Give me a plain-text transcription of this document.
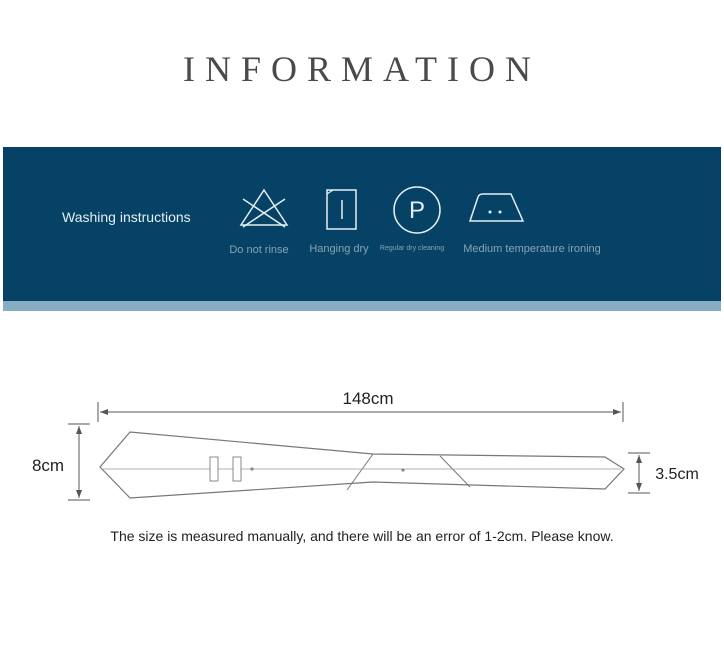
INFORMATION
Washing instructions
Do not rinse Hanging dry
P
Regular dry cleaning Medium temperature ironing
148cm
8cm	3.5cm
The size is measured manually, and there will be an error of 1-2cm. Please know.
